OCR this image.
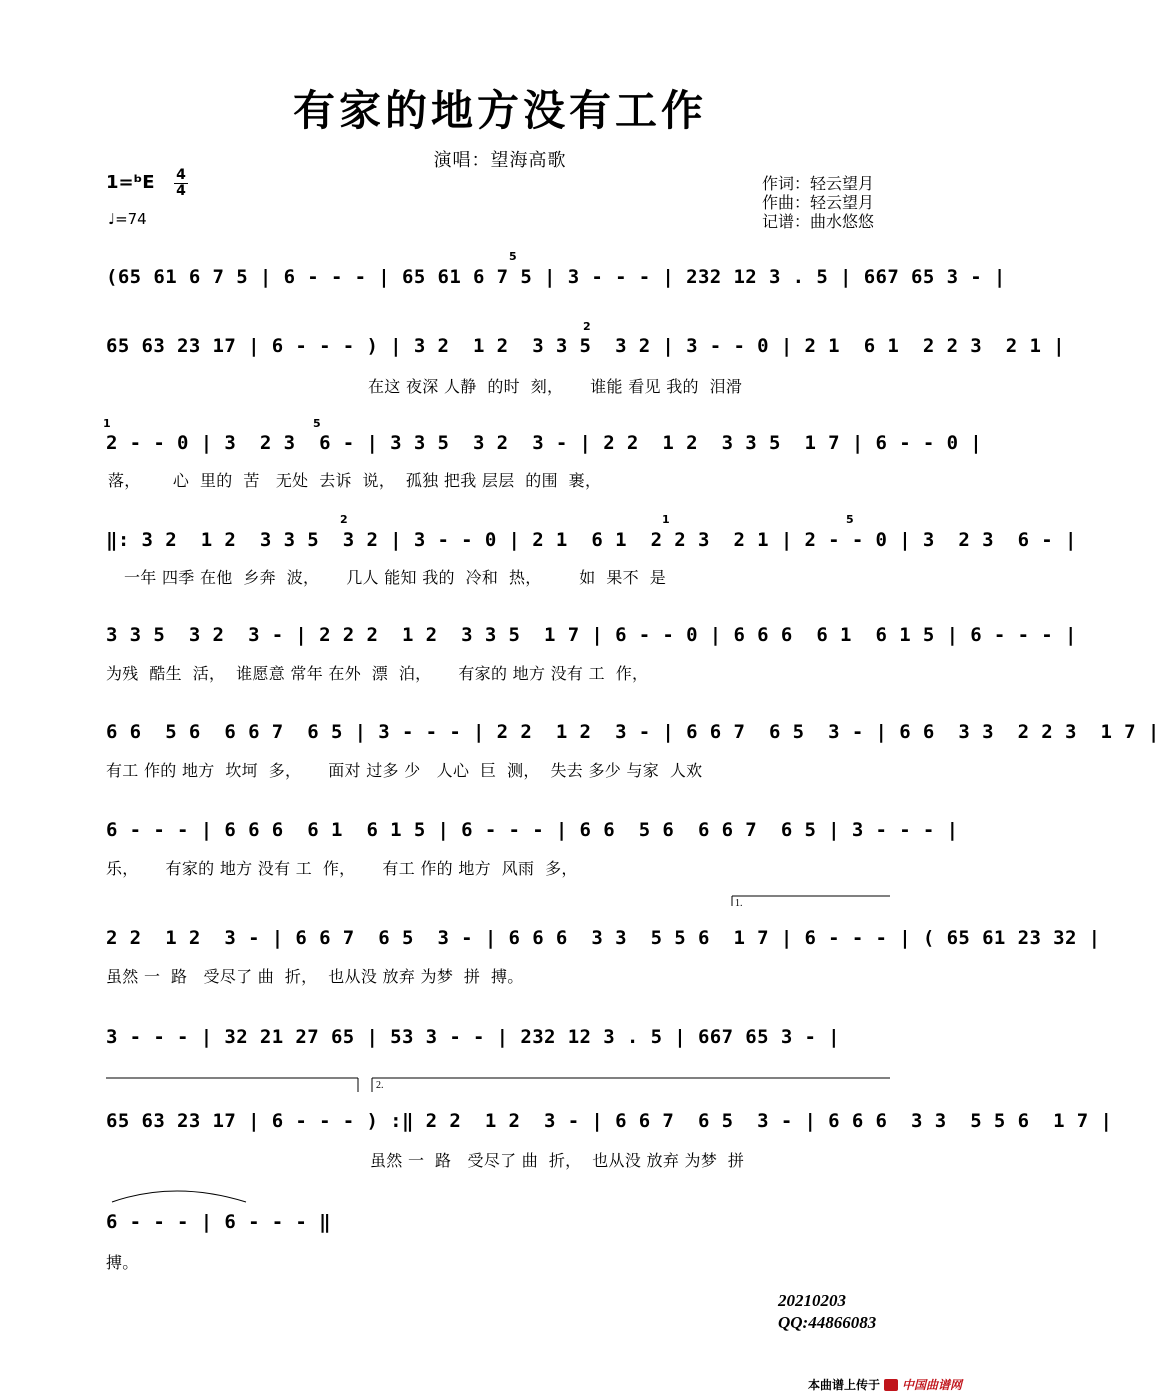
有家的地方没有工作
演唱：望海高歌
1=ᵇE 4
4
♩=74
作词：轻云望月
作曲：轻云望月
记谱：曲水悠悠
(65 61 6 7 5 | 6 - - - | 65 61 6 7 5 | 3 - - - | 232 12 3 . 5 | 667 65 3 - |
65 63 23 17 | 6 - - - ) | 3 2  1 2  3 3 5  3 2 | 3 - - 0 | 2 1  6 1  2 2 3  2 1 |
在这 夜深 人静  的时  刻，     谁能 看见 我的  泪滑
2 - - 0 | 3  2 3  6 - | 3 3 5  3 2  3 - | 2 2  1 2  3 3 5  1 7 | 6 - - 0 |
落，      心  里的  苦   无处  去诉  说，  孤独 把我 层层  的围  裹，
‖: 3 2  1 2  3 3 5  3 2 | 3 - - 0 | 2 1  6 1  2 2 3  2 1 | 2 - - 0 | 3  2 3  6 - |
一年 四季 在他  乡奔  波，     几人 能知 我的  冷和  热，       如  果不  是
3 3 5  3 2  3 - | 2 2 2  1 2  3 3 5  1 7 | 6 - - 0 | 6 6 6  6 1  6 1 5 | 6 - - - |
为残  酷生  活，  谁愿意 常年 在外  漂  泊，     有家的 地方 没有 工  作，
6 6  5 6  6 6 7  6 5 | 3 - - - | 2 2  1 2  3 - | 6 6 7  6 5  3 - | 6 6  3 3  2 2 3  1 7 |
有工 作的 地方  坎坷  多，     面对 过多 少   人心  巨  测，  失去 多少 与家  人欢
6 - - - | 6 6 6  6 1  6 1 5 | 6 - - - | 6 6  5 6  6 6 7  6 5 | 3 - - - |
乐，     有家的 地方 没有 工  作，     有工 作的 地方  风雨  多，
2 2  1 2  3 - | 6 6 7  6 5  3 - | 6 6 6  3 3  5 5 6  1 7 | 6 - - - | ( 65 61 23 32 |
虽然 一  路   受尽了 曲  折，  也从没 放弃 为梦  拼  搏。
3 - - - | 32 21 27 65 | 53 3 - - | 232 12 3 . 5 | 667 65 3 - |
65 63 23 17 | 6 - - - ) :‖ 2 2  1 2  3 - | 6 6 7  6 5  3 - | 6 6 6  3 3  5 5 6  1 7 |
虽然 一  路   受尽了 曲  折，  也从没 放弃 为梦  拼
6 - - - | 6 - - - ‖
搏。
1.
2.
5
2
1	5
2	1	5
20210203
QQ:44866083
本曲谱上传于 中国曲谱网
